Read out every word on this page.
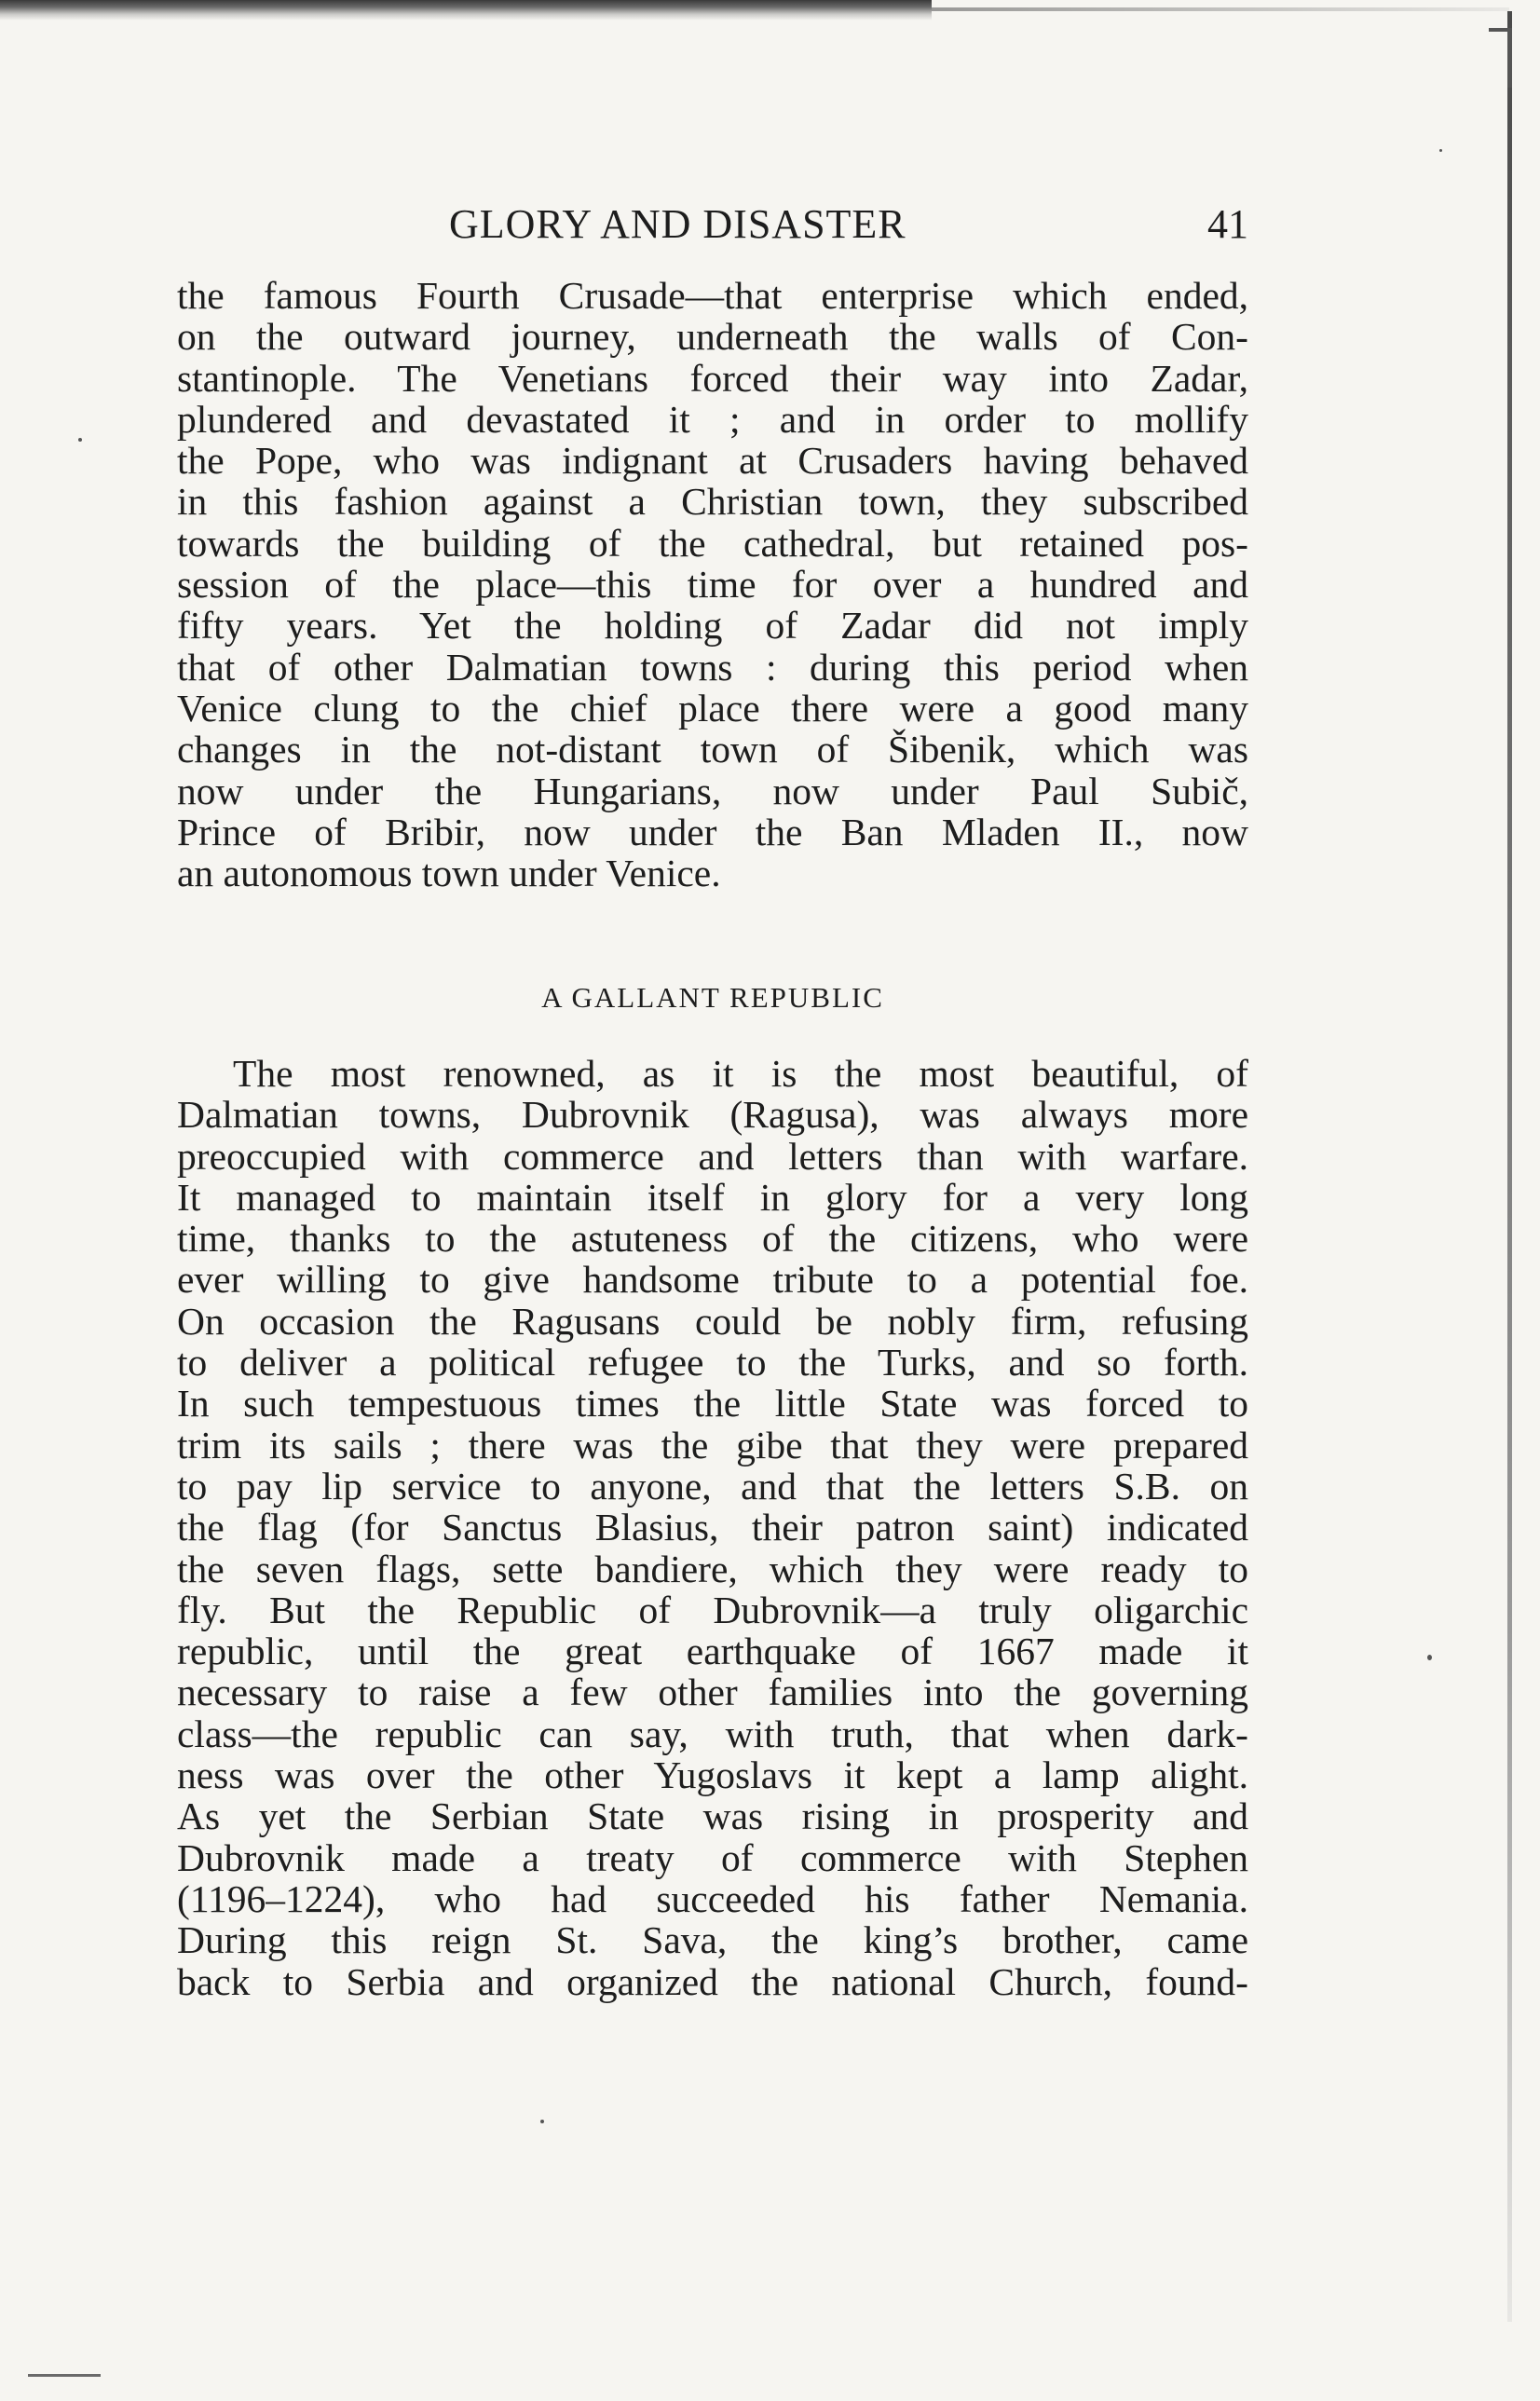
GLORY AND DISASTER	41
the famous Fourth Crusade—that enterprise which ended,
on the outward journey, underneath the walls of Con-
stantinople. The Venetians forced their way into Zadar,
plundered and devastated it ; and in order to mollify
the Pope, who was indignant at Crusaders having behaved
in this fashion against a Christian town, they subscribed
towards the building of the cathedral, but retained pos-
session of the place—this time for over a hundred and
fifty years. Yet the holding of Zadar did not imply
that of other Dalmatian towns : during this period when
Venice clung to the chief place there were a good many
changes in the not-distant town of Šibenik, which was
now under the Hungarians, now under Paul Subič,
Prince of Bribir, now under the Ban Mladen II., now
an autonomous town under Venice.
A GALLANT REPUBLIC
The most renowned, as it is the most beautiful, of
Dalmatian towns, Dubrovnik (Ragusa), was always more
preoccupied with commerce and letters than with warfare.
It managed to maintain itself in glory for a very long
time, thanks to the astuteness of the citizens, who were
ever willing to give handsome tribute to a potential foe.
On occasion the Ragusans could be nobly firm, refusing
to deliver a political refugee to the Turks, and so forth.
In such tempestuous times the little State was forced to
trim its sails ; there was the gibe that they were prepared
to pay lip service to anyone, and that the letters S.B. on
the flag (for Sanctus Blasius, their patron saint) indicated
the seven flags, sette bandiere, which they were ready to
fly. But the Republic of Dubrovnik—a truly oligarchic
republic, until the great earthquake of 1667 made it
necessary to raise a few other families into the governing
class—the republic can say, with truth, that when dark-
ness was over the other Yugoslavs it kept a lamp alight.
As yet the Serbian State was rising in prosperity and
Dubrovnik made a treaty of commerce with Stephen
(1196–1224), who had succeeded his father Nemania.
During this reign St. Sava, the king’s brother, came
back to Serbia and organized the national Church, found-
